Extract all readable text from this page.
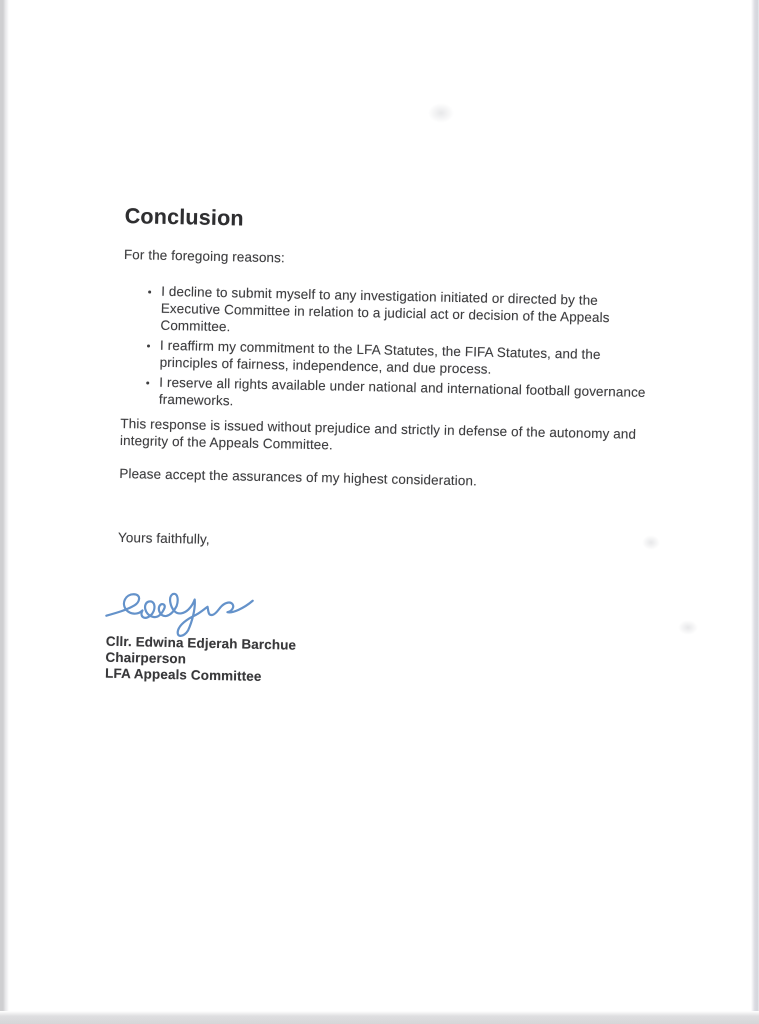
Conclusion

For the foregoing reasons:

• I decline to submit myself to any investigation initiated or directed by the
Executive Committee in relation to a judicial act or decision of the Appeals
Committee.
• I reaffirm my commitment to the LFA Statutes, the FIFA Statutes, and the
principles of fairness, independence, and due process.
• I reserve all rights available under national and international football governance
frameworks.

This response is issued without prejudice and strictly in defense of the autonomy and
integrity of the Appeals Committee.

Please accept the assurances of my highest consideration.

Yours faithfully,

Cllr. Edwina Edjerah Barchue
Chairperson
LFA Appeals Committee
